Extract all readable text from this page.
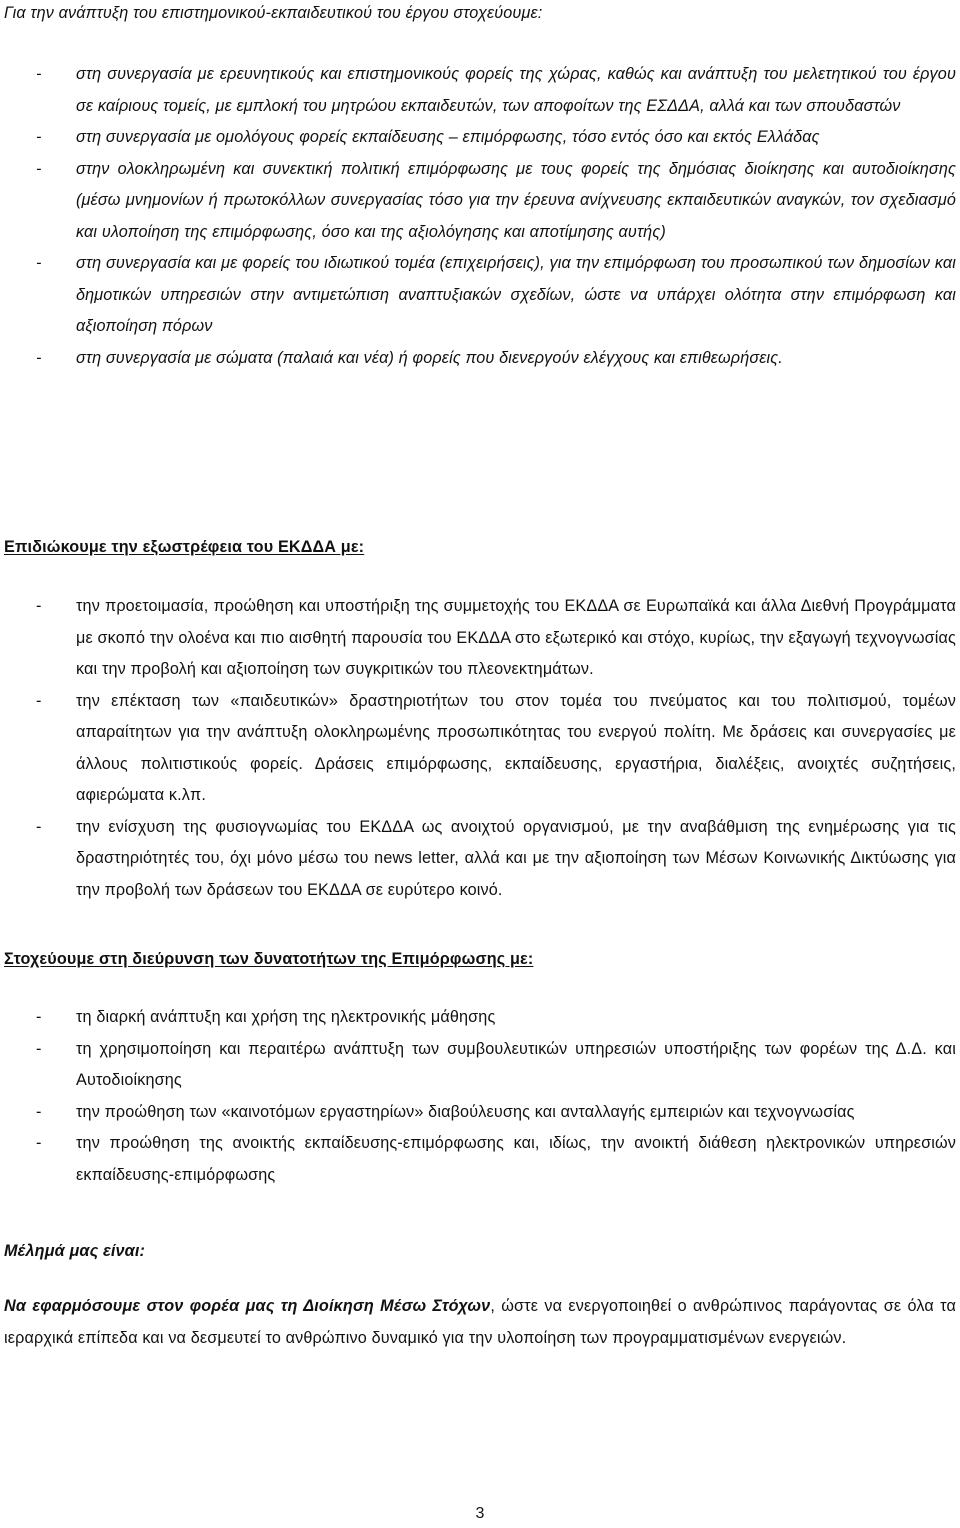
Για την ανάπτυξη του επιστημονικού-εκπαιδευτικού του έργου στοχεύουμε:

- στη συνεργασία με ερευνητικούς και επιστημονικούς φορείς της χώρας, καθώς και ανάπτυξη του μελετητικού του έργου σε καίριους τομείς, με εμπλοκή του μητρώου εκπαιδευτών, των αποφοίτων της ΕΣΔΔΑ, αλλά και των σπουδαστών
- στη συνεργασία με ομολόγους φορείς εκπαίδευσης – επιμόρφωσης, τόσο εντός όσο και εκτός Ελλάδας
- στην ολοκληρωμένη και συνεκτική πολιτική επιμόρφωσης με τους φορείς της δημόσιας διοίκησης και αυτοδιοίκησης (μέσω μνημονίων ή πρωτοκόλλων συνεργασίας τόσο για την έρευνα ανίχνευσης εκπαιδευτικών αναγκών, τον σχεδιασμό και υλοποίηση της επιμόρφωσης, όσο και της αξιολόγησης και αποτίμησης αυτής)
- στη συνεργασία και με φορείς του ιδιωτικού τομέα (επιχειρήσεις), για την επιμόρφωση του προσωπικού των δημοσίων και δημοτικών υπηρεσιών στην αντιμετώπιση αναπτυξιακών σχεδίων, ώστε να υπάρχει ολότητα στην επιμόρφωση και αξιοποίηση πόρων
- στη συνεργασία με σώματα (παλαιά και νέα) ή φορείς που διενεργούν ελέγχους και επιθεωρήσεις.

Επιδιώκουμε την εξωστρέφεια του ΕΚΔΔΑ με:

- την προετοιμασία, προώθηση και υποστήριξη της συμμετοχής του ΕΚΔΔΑ σε Ευρωπαϊκά και άλλα Διεθνή Προγράμματα με σκοπό την ολοένα και πιο αισθητή παρουσία του ΕΚΔΔΑ στο εξωτερικό και στόχο, κυρίως, την εξαγωγή τεχνογνωσίας και την προβολή και αξιοποίηση των συγκριτικών του πλεονεκτημάτων.
- την επέκταση των «παιδευτικών» δραστηριοτήτων του στον τομέα του πνεύματος και του πολιτισμού, τομέων απαραίτητων για την ανάπτυξη ολοκληρωμένης προσωπικότητας του ενεργού πολίτη. Με δράσεις και συνεργασίες με άλλους πολιτιστικούς φορείς. Δράσεις επιμόρφωσης, εκπαίδευσης, εργαστήρια, διαλέξεις, ανοιχτές συζητήσεις, αφιερώματα κ.λπ.
- την ενίσχυση της φυσιογνωμίας του ΕΚΔΔΑ ως ανοιχτού οργανισμού, με την αναβάθμιση της ενημέρωσης για τις δραστηριότητές του, όχι μόνο μέσω του news letter, αλλά και με την αξιοποίηση των Μέσων Κοινωνικής Δικτύωσης για την προβολή των δράσεων του ΕΚΔΔΑ σε ευρύτερο κοινό.

Στοχεύουμε στη διεύρυνση των δυνατοτήτων της Επιμόρφωσης με:

- τη διαρκή ανάπτυξη και χρήση της ηλεκτρονικής μάθησης
- τη χρησιμοποίηση και περαιτέρω ανάπτυξη των συμβουλευτικών υπηρεσιών υποστήριξης των φορέων της Δ.Δ. και Αυτοδιοίκησης
- την προώθηση των «καινοτόμων εργαστηρίων» διαβούλευσης και ανταλλαγής εμπειριών και τεχνογνωσίας
- την προώθηση της ανοικτής εκπαίδευσης-επιμόρφωσης και, ιδίως, την ανοικτή διάθεση ηλεκτρονικών υπηρεσιών εκπαίδευσης-επιμόρφωσης

Μέλημά μας είναι:

Να εφαρμόσουμε στον φορέα μας τη Διοίκηση Μέσω Στόχων, ώστε να ενεργοποιηθεί ο ανθρώπινος παράγοντας σε όλα τα ιεραρχικά επίπεδα και να δεσμευτεί το ανθρώπινο δυναμικό για την υλοποίηση των προγραμματισμένων ενεργειών.

3
